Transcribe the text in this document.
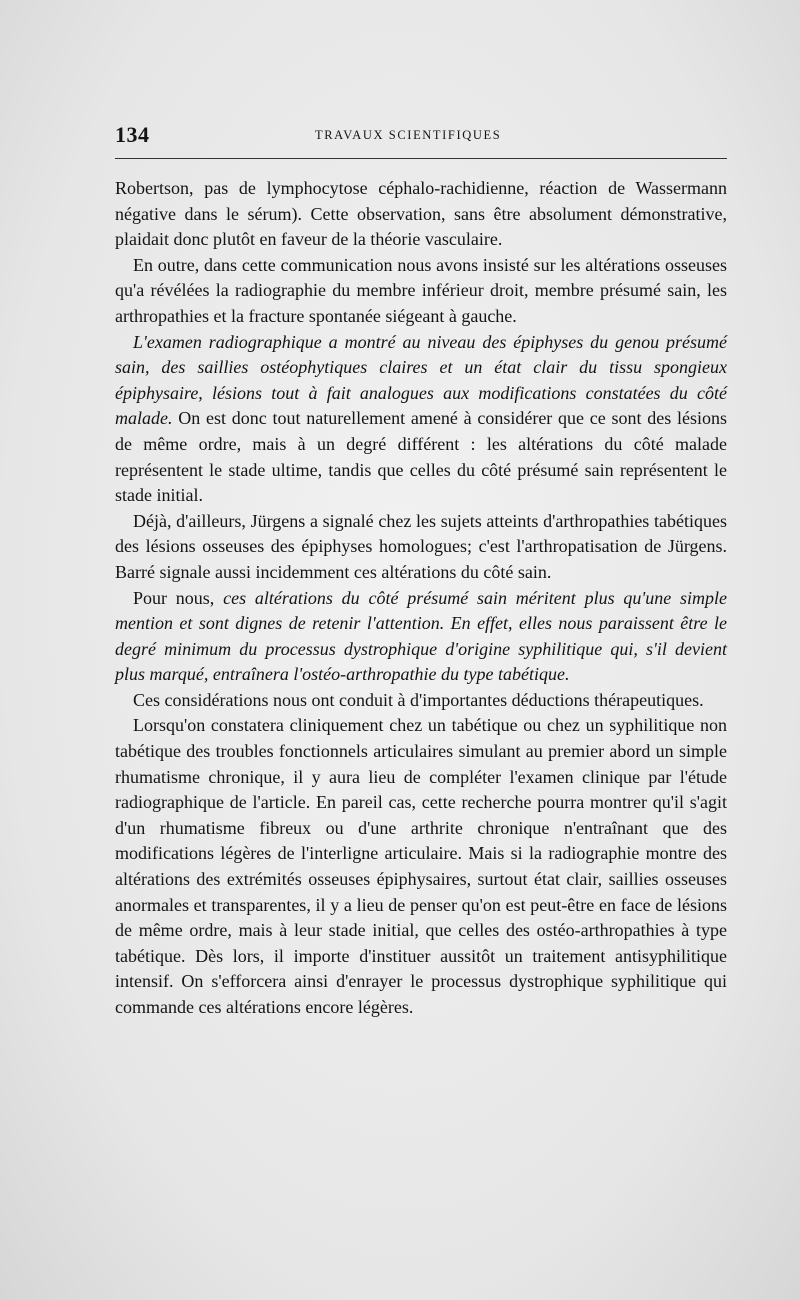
134	TRAVAUX SCIENTIFIQUES

Robertson, pas de lymphocytose céphalo-rachidienne, réaction de Wassermann négative dans le sérum). Cette observation, sans être absolument démonstrative, plaidait donc plutôt en faveur de la théorie vasculaire.

En outre, dans cette communication nous avons insisté sur les altérations osseuses qu'a révélées la radiographie du membre inférieur droit, membre présumé sain, les arthropathies et la fracture spontanée siégeant à gauche.

L'examen radiographique a montré au niveau des épiphyses du genou présumé sain, des saillies ostéophytiques claires et un état clair du tissu spongieux épiphysaire, lésions tout à fait analogues aux modifications constatées du côté malade. On est donc tout naturellement amené à considérer que ce sont des lésions de même ordre, mais à un degré différent : les altérations du côté malade représentent le stade ultime, tandis que celles du côté présumé sain représentent le stade initial.

Déjà, d'ailleurs, Jürgens a signalé chez les sujets atteints d'arthropathies tabétiques des lésions osseuses des épiphyses homologues; c'est l'arthropatisation de Jürgens. Barré signale aussi incidemment ces altérations du côté sain.

Pour nous, ces altérations du côté présumé sain méritent plus qu'une simple mention et sont dignes de retenir l'attention. En effet, elles nous paraissent être le degré minimum du processus dystrophique d'origine syphilitique qui, s'il devient plus marqué, entraînera l'ostéo-arthropathie du type tabétique.

Ces considérations nous ont conduit à d'importantes déductions thérapeutiques.

Lorsqu'on constatera cliniquement chez un tabétique ou chez un syphilitique non tabétique des troubles fonctionnels articulaires simulant au premier abord un simple rhumatisme chronique, il y aura lieu de compléter l'examen clinique par l'étude radiographique de l'article. En pareil cas, cette recherche pourra montrer qu'il s'agit d'un rhumatisme fibreux ou d'une arthrite chronique n'entraînant que des modifications légères de l'interligne articulaire. Mais si la radiographie montre des altérations des extrémités osseuses épiphysaires, surtout état clair, saillies osseuses anormales et transparentes, il y a lieu de penser qu'on est peut-être en face de lésions de même ordre, mais à leur stade initial, que celles des ostéo-arthropathies à type tabétique. Dès lors, il importe d'instituer aussitôt un traitement antisyphilitique intensif. On s'efforcera ainsi d'enrayer le processus dystrophique syphilitique qui commande ces altérations encore légères.
